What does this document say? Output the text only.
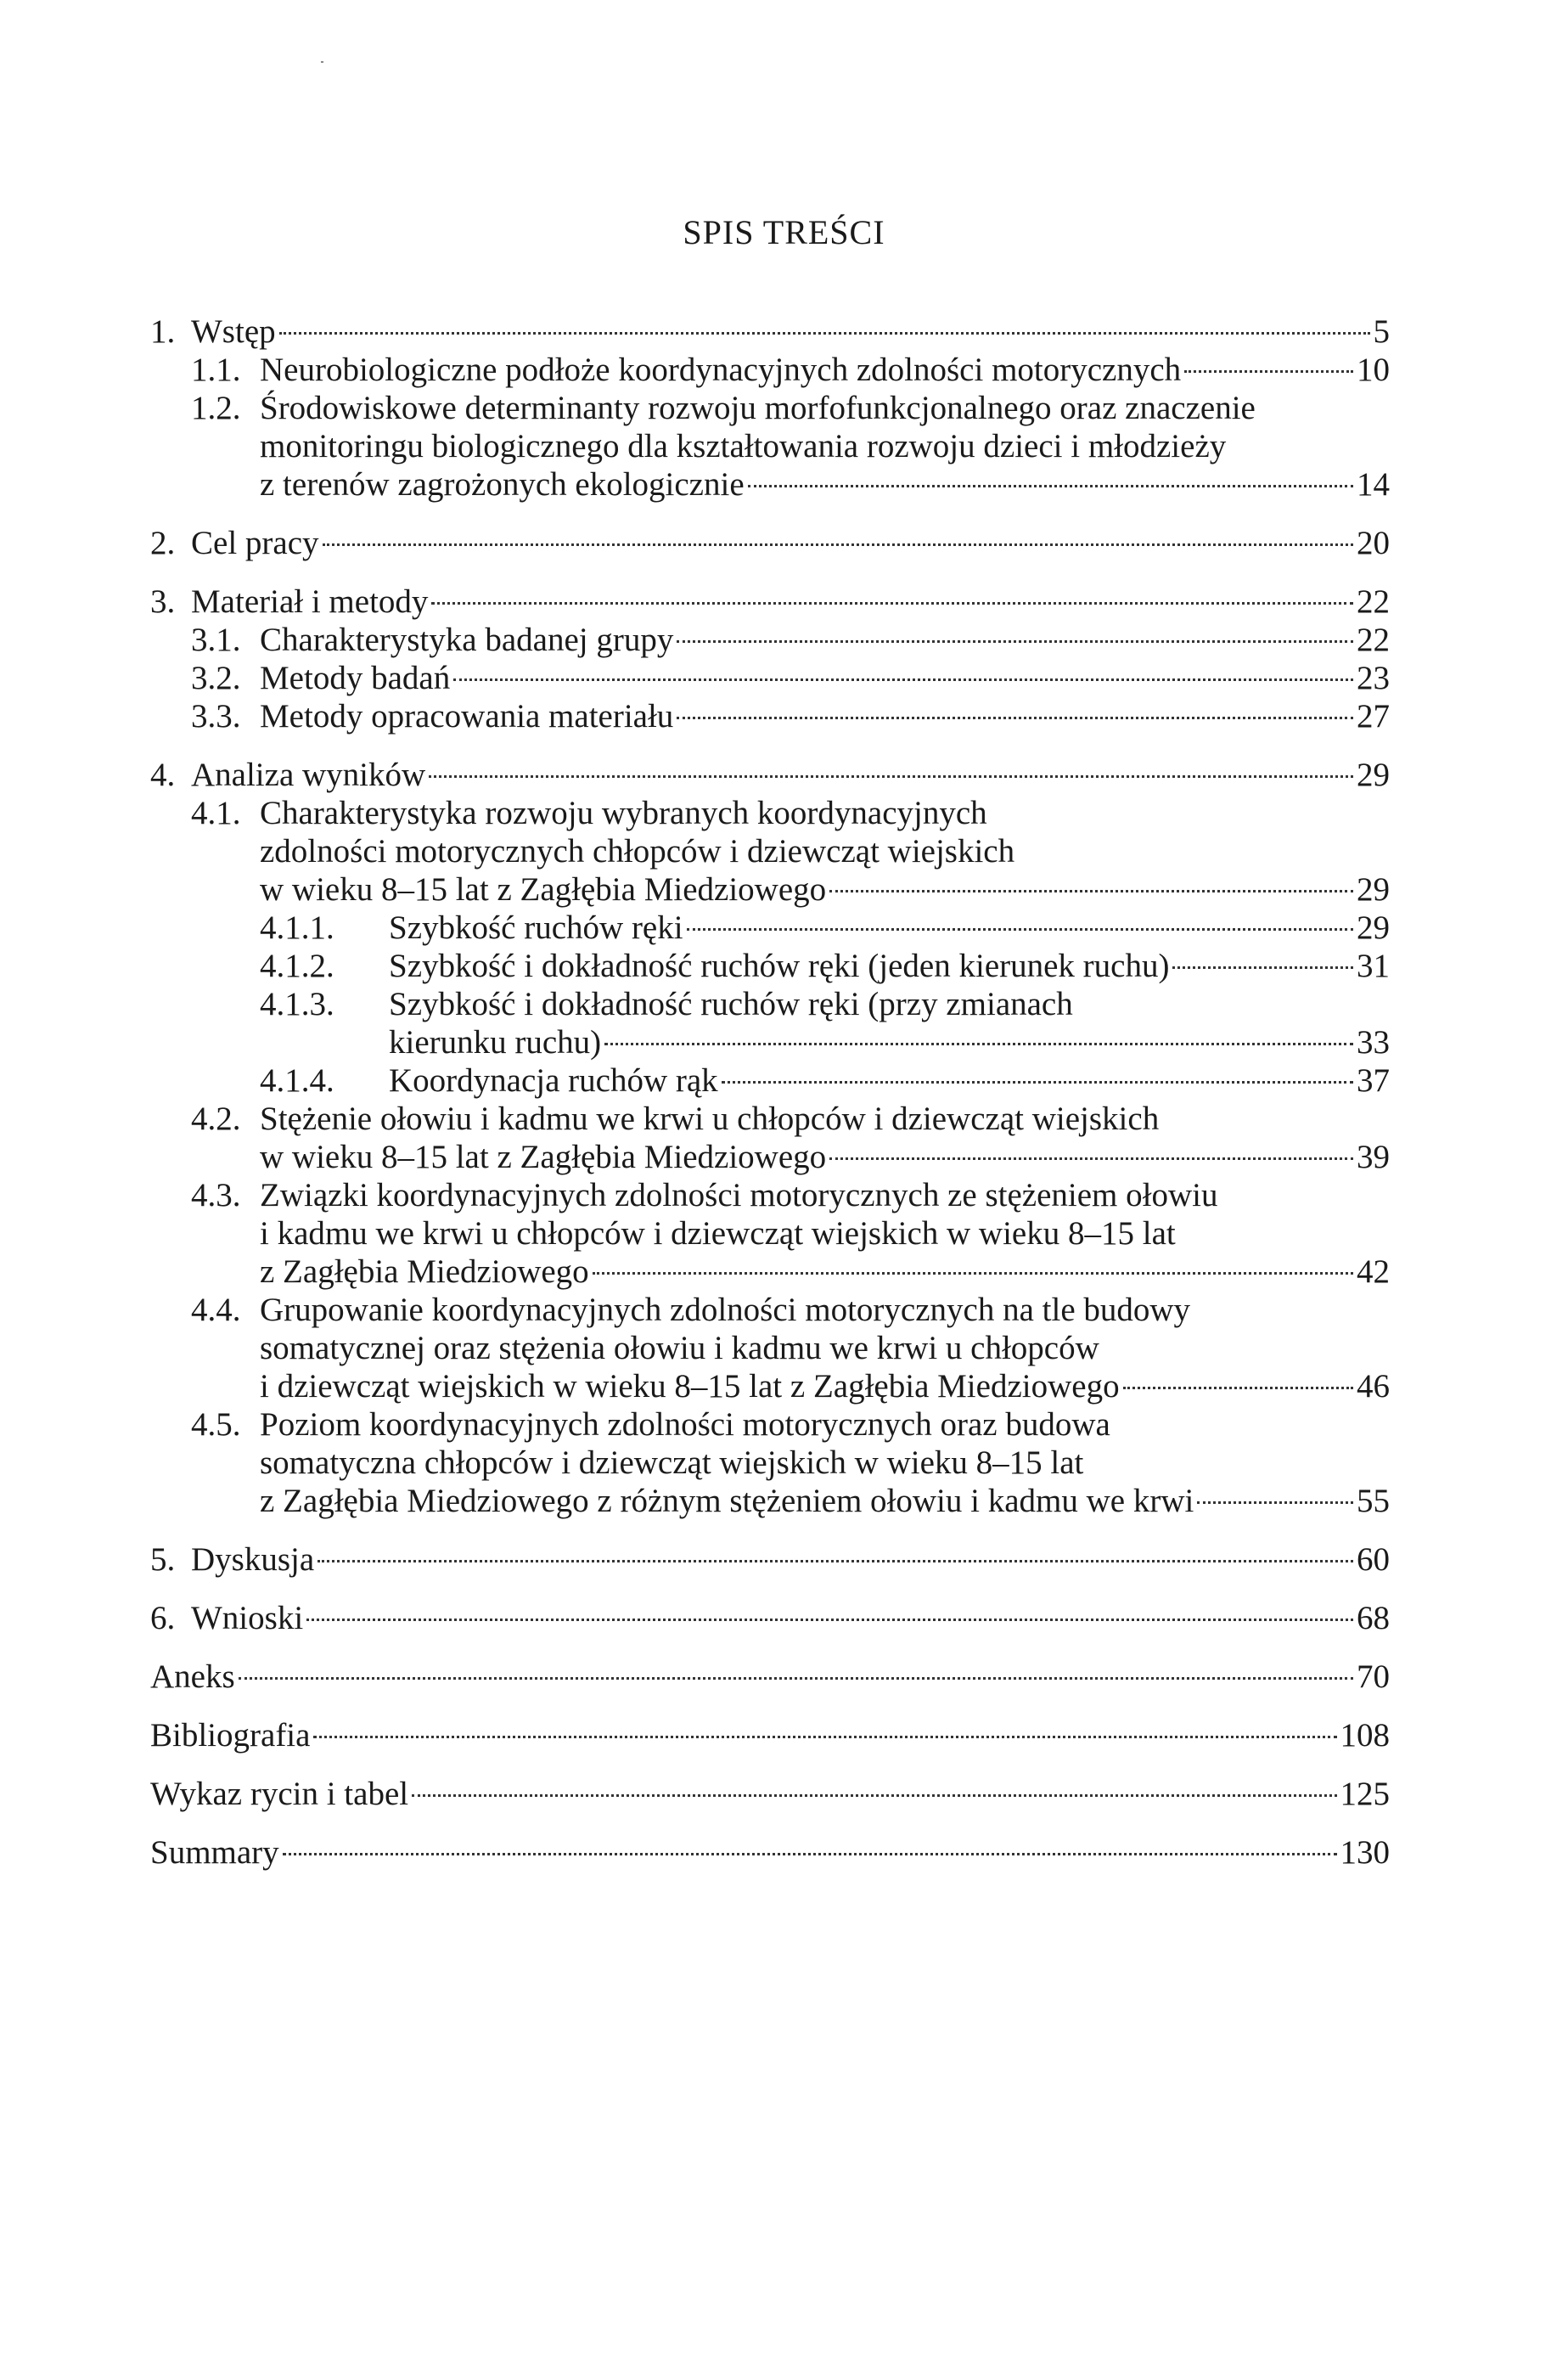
SPIS TREŚCI
1. Wstęp	5
1.1. Neurobiologiczne podłoże koordynacyjnych zdolności motorycznych	10
1.2. Środowiskowe determinanty rozwoju morfofunkcjonalnego oraz znaczenie
monitoringu biologicznego dla kształtowania rozwoju dzieci i młodzieży
z terenów zagrożonych ekologicznie	14
2. Cel pracy	20
3. Materiał i metody	22
3.1. Charakterystyka badanej grupy	22
3.2. Metody badań	23
3.3. Metody opracowania materiału	27
4. Analiza wyników	29
4.1. Charakterystyka rozwoju wybranych koordynacyjnych
zdolności motorycznych chłopców i dziewcząt wiejskich
w wieku 8–15 lat z Zagłębia Miedziowego	29
4.1.1. Szybkość ruchów ręki	29
4.1.2. Szybkość i dokładność ruchów ręki (jeden kierunek ruchu)	31
4.1.3. Szybkość i dokładność ruchów ręki (przy zmianach
kierunku ruchu)	33
4.1.4. Koordynacja ruchów rąk	37
4.2. Stężenie ołowiu i kadmu we krwi u chłopców i dziewcząt wiejskich
w wieku 8–15 lat z Zagłębia Miedziowego	39
4.3. Związki koordynacyjnych zdolności motorycznych ze stężeniem ołowiu
i kadmu we krwi u chłopców i dziewcząt wiejskich w wieku 8–15 lat
z Zagłębia Miedziowego	42
4.4. Grupowanie koordynacyjnych zdolności motorycznych na tle budowy
somatycznej oraz stężenia ołowiu i kadmu we krwi u chłopców
i dziewcząt wiejskich w wieku 8–15 lat z Zagłębia Miedziowego	46
4.5. Poziom koordynacyjnych zdolności motorycznych oraz budowa
somatyczna chłopców i dziewcząt wiejskich w wieku 8–15 lat
z Zagłębia Miedziowego z różnym stężeniem ołowiu i kadmu we krwi	55
5. Dyskusja	60
6. Wnioski	68
Aneks	70
Bibliografia	108
Wykaz rycin i tabel	125
Summary	130
